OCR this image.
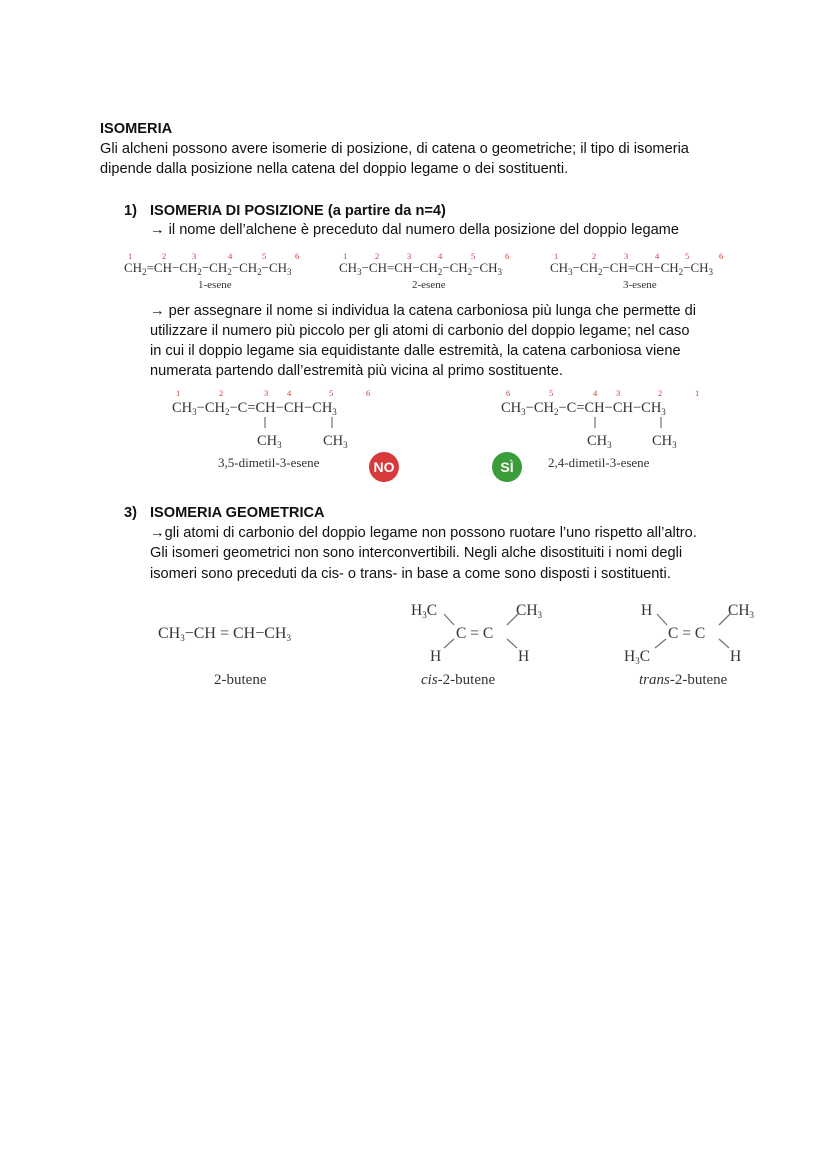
ISOMERIA
Gli alcheni possono avere isomerie di posizione, di catena o geometriche; il tipo di isomeria
dipende dalla posizione nella catena del doppio legame o dei sostituenti.
1) ISOMERIA DI POSIZIONE (a partire da n=4)
→ il nome dell’alchene è preceduto dal numero della posizione del doppio legame
$CH_2=CH-CH_2-CH_2-CH_2-CH_3$	$CH_3-CH=CH-CH_2-CH_2-CH_3$	$CH_3-CH_2-CH=CH-CH_2-CH_3$
1	2	3	4	5	6	1	2	3	4	5	6	1	2	3	4	5	6
1-esene	2-esene	3-esene
→ per assegnare il nome si individua la catena carboniosa più lunga che permette di
utilizzare il numero più piccolo per gli atomi di carbonio del doppio legame; nel caso
in cui il doppio legame sia equidistante dalle estremità, la catena carboniosa viene
numerata partendo dall’estremità più vicina al primo sostituente.
$CH_3-CH_2-C=CH-CH-CH_3$
$CH_3$	$CH_3$
1	2	3 4	5	6
3,5-dimetil-3-esene	NO
$CH_3-CH_2-C=CH-CH-CH_3$
$CH_3$	$CH_3$
6	5	4 3	2	1
SÌ	2,4-dimetil-3-esene
3) ISOMERIA GEOMETRICA
→gli atomi di carbonio del doppio legame non possono ruotare l’uno rispetto all’altro.
Gli isomeri geometrici non sono interconvertibili. Negli alche disostituiti i nomi degli
isomeri sono preceduti da cis- o trans- in base a come sono disposti i sostituenti.
CH3−CH = CH−CH3
2-butene
H3C	CH3
C = C
H	H
cis-2-butene
H	CH3
C = C
H3C	H
trans-2-butene
